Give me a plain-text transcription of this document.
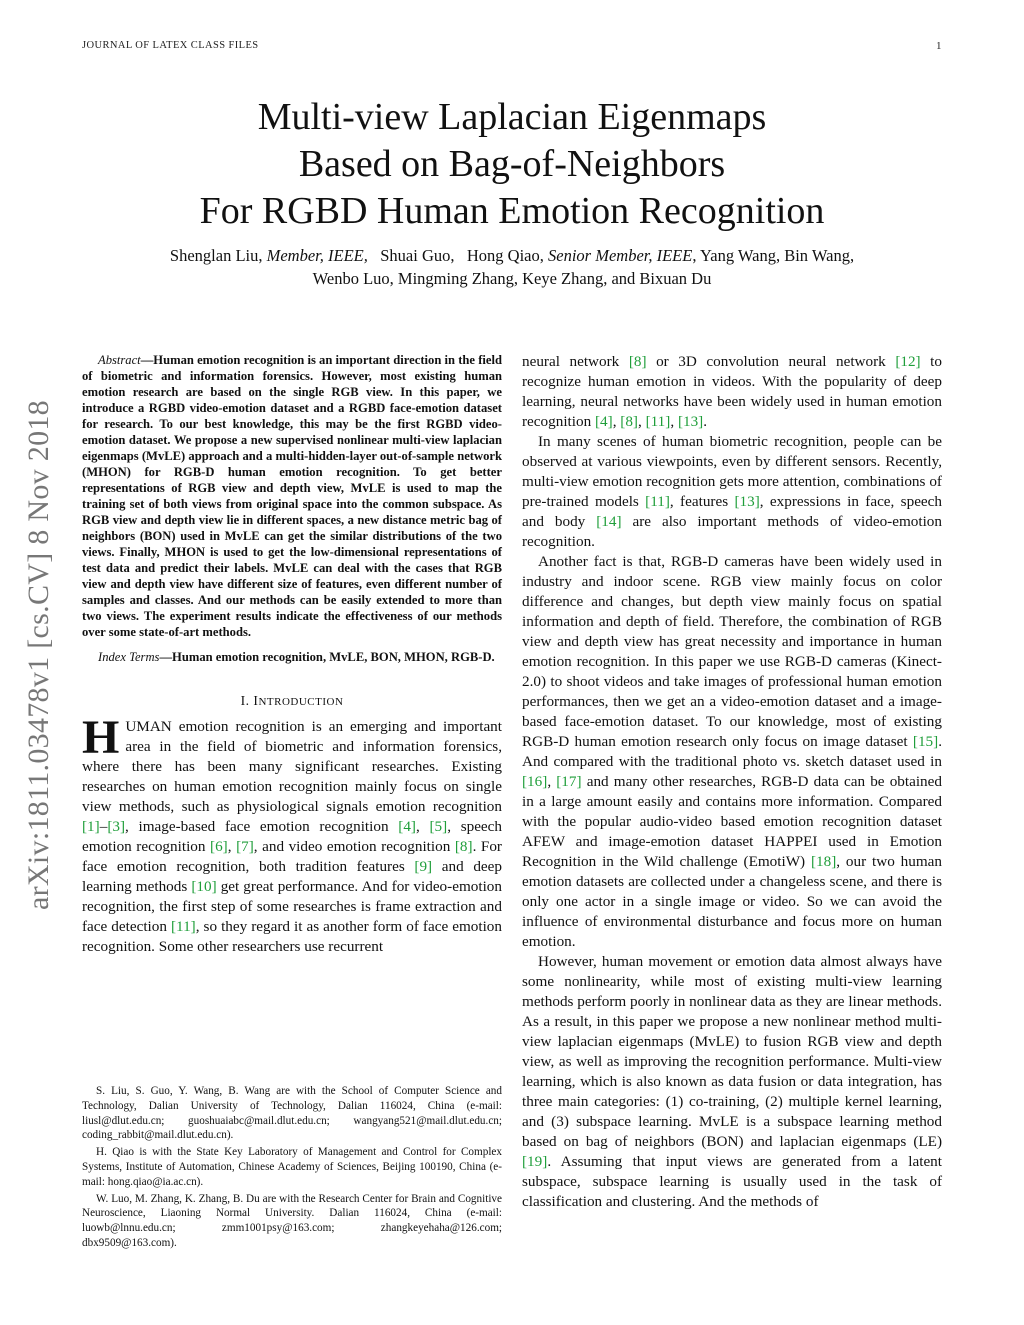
JOURNAL OF LATEX CLASS FILES	1
Multi-view Laplacian Eigenmaps
Based on Bag-of-Neighbors
For RGBD Human Emotion Recognition
Shenglan Liu, Member, IEEE, Shuai Guo, Hong Qiao, Senior Member, IEEE, Yang Wang, Bin Wang,
Wenbo Luo, Mingming Zhang, Keye Zhang, and Bixuan Du
arXiv:1811.03478v1 [cs.CV] 8 Nov 2018

Abstract—Human emotion recognition is an important direction in the field of biometric and information forensics. However, most existing human emotion research are based on the single RGB view. In this paper, we introduce a RGBD video-emotion dataset and a RGBD face-emotion dataset for research. To our best knowledge, this may be the first RGBD video-emotion dataset. We propose a new supervised nonlinear multi-view laplacian eigenmaps (MvLE) approach and a multi-hidden-layer out-of-sample network (MHON) for RGB-D human emotion recognition. To get better representations of RGB view and depth view, MvLE is used to map the training set of both views from original space into the common subspace. As RGB view and depth view lie in different spaces, a new distance metric bag of neighbors (BON) used in MvLE can get the similar distributions of the two views. Finally, MHON is used to get the low-dimensional representations of test data and predict their labels. MvLE can deal with the cases that RGB view and depth view have different size of features, even different number of samples and classes. And our methods can be easily extended to more than two views. The experiment results indicate the effectiveness of our methods over some state-of-art methods.

Index Terms—Human emotion recognition, MvLE, BON, MHON, RGB-D.

I. INTRODUCTION

HUMAN emotion recognition is an emerging and important area in the field of biometric and information forensics, where there has been many significant researches. Existing researches on human emotion recognition mainly focus on single view methods, such as physiological signals emotion recognition [1]–[3], image-based face emotion recognition [4], [5], speech emotion recognition [6], [7], and video emotion recognition [8]. For face emotion recognition, both tradition features [9] and deep learning methods [10] get great performance. And for video-emotion recognition, the first step of some researches is frame extraction and face detection [11], so they regard it as another form of face emotion recognition. Some other researchers use recurrent

S. Liu, S. Guo, Y. Wang, B. Wang are with the School of Computer Science and Technology, Dalian University of Technology, Dalian 116024, China (e-mail: liusl@dlut.edu.cn; guoshuaiabc@mail.dlut.edu.cn; wangyang521@mail.dlut.edu.cn; coding_rabbit@mail.dlut.edu.cn).

H. Qiao is with the State Key Laboratory of Management and Control for Complex Systems, Institute of Automation, Chinese Academy of Sciences, Beijing 100190, China (e-mail: hong.qiao@ia.ac.cn).

W. Luo, M. Zhang, K. Zhang, B. Du are with the Research Center for Brain and Cognitive Neuroscience, Liaoning Normal University. Dalian 116024, China (e-mail: luowb@lnnu.edu.cn; zmm1001psy@163.com; zhangkeyehaha@126.com; dbx9509@163.com).

neural network [8] or 3D convolution neural network [12] to recognize human emotion in videos. With the popularity of deep learning, neural networks have been widely used in human emotion recognition [4], [8], [11], [13].

In many scenes of human biometric recognition, people can be observed at various viewpoints, even by different sensors. Recently, multi-view emotion recognition gets more attention, combinations of pre-trained models [11], features [13], expressions in face, speech and body [14] are also important methods of video-emotion recognition.

Another fact is that, RGB-D cameras have been widely used in industry and indoor scene. RGB view mainly focus on color difference and changes, but depth view mainly focus on spatial information and depth of field. Therefore, the combination of RGB view and depth view has great necessity and importance in human emotion recognition. In this paper we use RGB-D cameras (Kinect-2.0) to shoot videos and take images of professional human emotion performances, then we get an a video-emotion dataset and a image-based face-emotion dataset. To our knowledge, most of existing RGB-D human emotion research only focus on image dataset [15]. And compared with the traditional photo vs. sketch dataset used in [16], [17] and many other researches, RGB-D data can be obtained in a large amount easily and contains more information. Compared with the popular audio-video based emotion recognition dataset AFEW and image-emotion dataset HAPPEI used in Emotion Recognition in the Wild challenge (EmotiW) [18], our two human emotion datasets are collected under a changeless scene, and there is only one actor in a single image or video. So we can avoid the influence of environmental disturbance and focus more on human emotion.

However, human movement or emotion data almost always have some nonlinearity, while most of existing multi-view learning methods perform poorly in nonlinear data as they are linear methods. As a result, in this paper we propose a new nonlinear method multi-view laplacian eigenmaps (MvLE) to fusion RGB view and depth view, as well as improving the recognition performance. Multi-view learning, which is also known as data fusion or data integration, has three main categories: (1) co-training, (2) multiple kernel learning, and (3) subspace learning. MvLE is a subspace learning method based on bag of neighbors (BON) and laplacian eigenmaps (LE) [19]. Assuming that input views are generated from a latent subspace, subspace learning is usually used in the task of classification and clustering. And the methods of
